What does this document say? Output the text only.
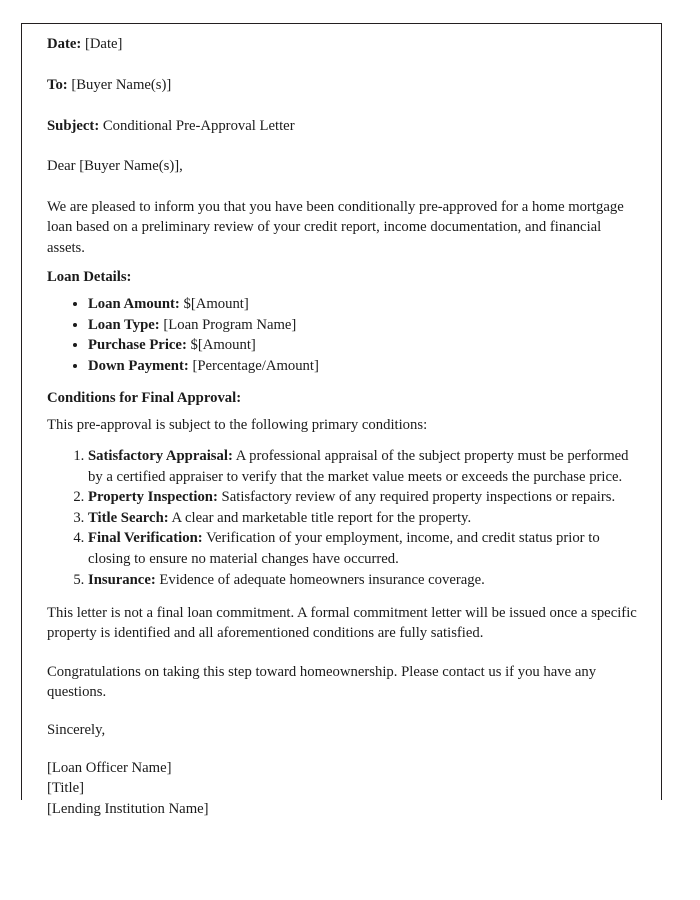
Date: [Date]

To: [Buyer Name(s)]

Subject: Conditional Pre-Approval Letter

Dear [Buyer Name(s)],

We are pleased to inform you that you have been conditionally pre-approved for a home mortgage loan based on a preliminary review of your credit report, income documentation, and financial assets.

Loan Details:

• Loan Amount: $[Amount]
• Loan Type: [Loan Program Name]
• Purchase Price: $[Amount]
• Down Payment: [Percentage/Amount]

Conditions for Final Approval:

This pre-approval is subject to the following primary conditions:

1. Satisfactory Appraisal: A professional appraisal of the subject property must be performed by a certified appraiser to verify that the market value meets or exceeds the purchase price.
2. Property Inspection: Satisfactory review of any required property inspections or repairs.
3. Title Search: A clear and marketable title report for the property.
4. Final Verification: Verification of your employment, income, and credit status prior to closing to ensure no material changes have occurred.
5. Insurance: Evidence of adequate homeowners insurance coverage.

This letter is not a final loan commitment. A formal commitment letter will be issued once a specific property is identified and all aforementioned conditions are fully satisfied.

Congratulations on taking this step toward homeownership. Please contact us if you have any questions.

Sincerely,

[Loan Officer Name]

[Title]

[Lending Institution Name]
